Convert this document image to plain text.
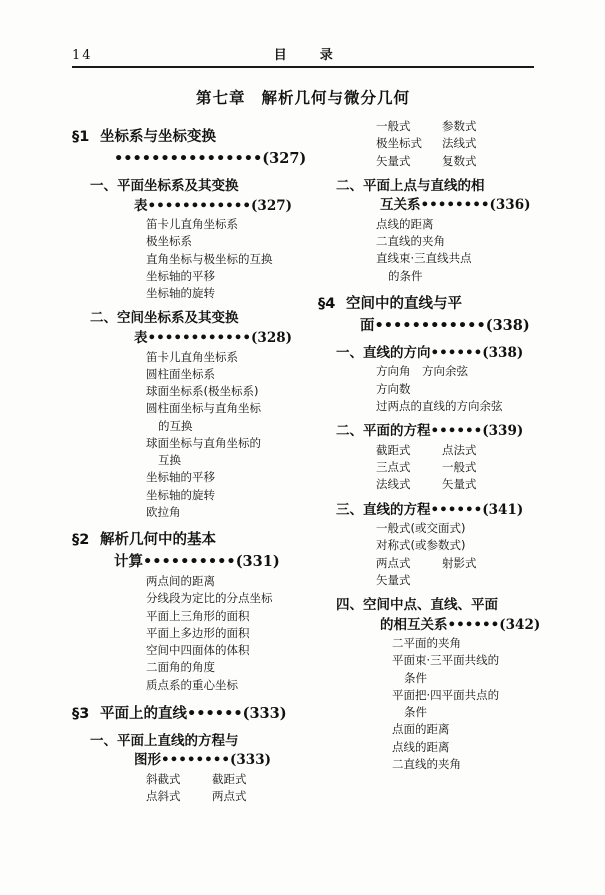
14	目　录
第七章 解析几何与微分几何
§1 坐标系与坐标变换
••••••••••••••••(327)
一、平面坐标系及其变换
表••••••••••••(327)
笛卡儿直角坐标系
极坐标系
直角坐标与极坐标的互换
坐标轴的平移
坐标轴的旋转
二、空间坐标系及其变换
表••••••••••••(328)
笛卡儿直角坐标系
圆柱面坐标系
球面坐标系(极坐标系)
圆柱面坐标与直角坐标
的互换
球面坐标与直角坐标的
互换
坐标轴的平移
坐标轴的旋转
欧拉角
§2 解析几何中的基本
计算••••••••••(331)
两点间的距离
分线段为定比的分点坐标
平面上三角形的面积
平面上多边形的面积
空间中四面体的体积
二面角的角度
质点系的重心坐标
§3 平面上的直线••••••(333)
一、平面上直线的方程与
图形••••••••(333)
斜截式	截距式
点斜式	两点式
一般式	参数式
极坐标式	法线式
矢量式	复数式
二、平面上点与直线的相
互关系••••••••(336)
点线的距离
二直线的夹角
直线束·三直线共点
的条件
§4 空间中的直线与平
面••••••••••••(338)
一、直线的方向••••••(338)
方向角　方向余弦
方向数
过两点的直线的方向余弦
二、平面的方程••••••(339)
截距式	点法式
三点式	一般式
法线式	矢量式
三、直线的方程••••••(341)
一般式(或交面式)
对称式(或参数式)
两点式	射影式
矢量式
四、空间中点、直线、平面
的相互关系••••••(342)
二平面的夹角
平面束·三平面共线的
条件
平面把·四平面共点的
条件
点面的距离
点线的距离
二直线的夹角
